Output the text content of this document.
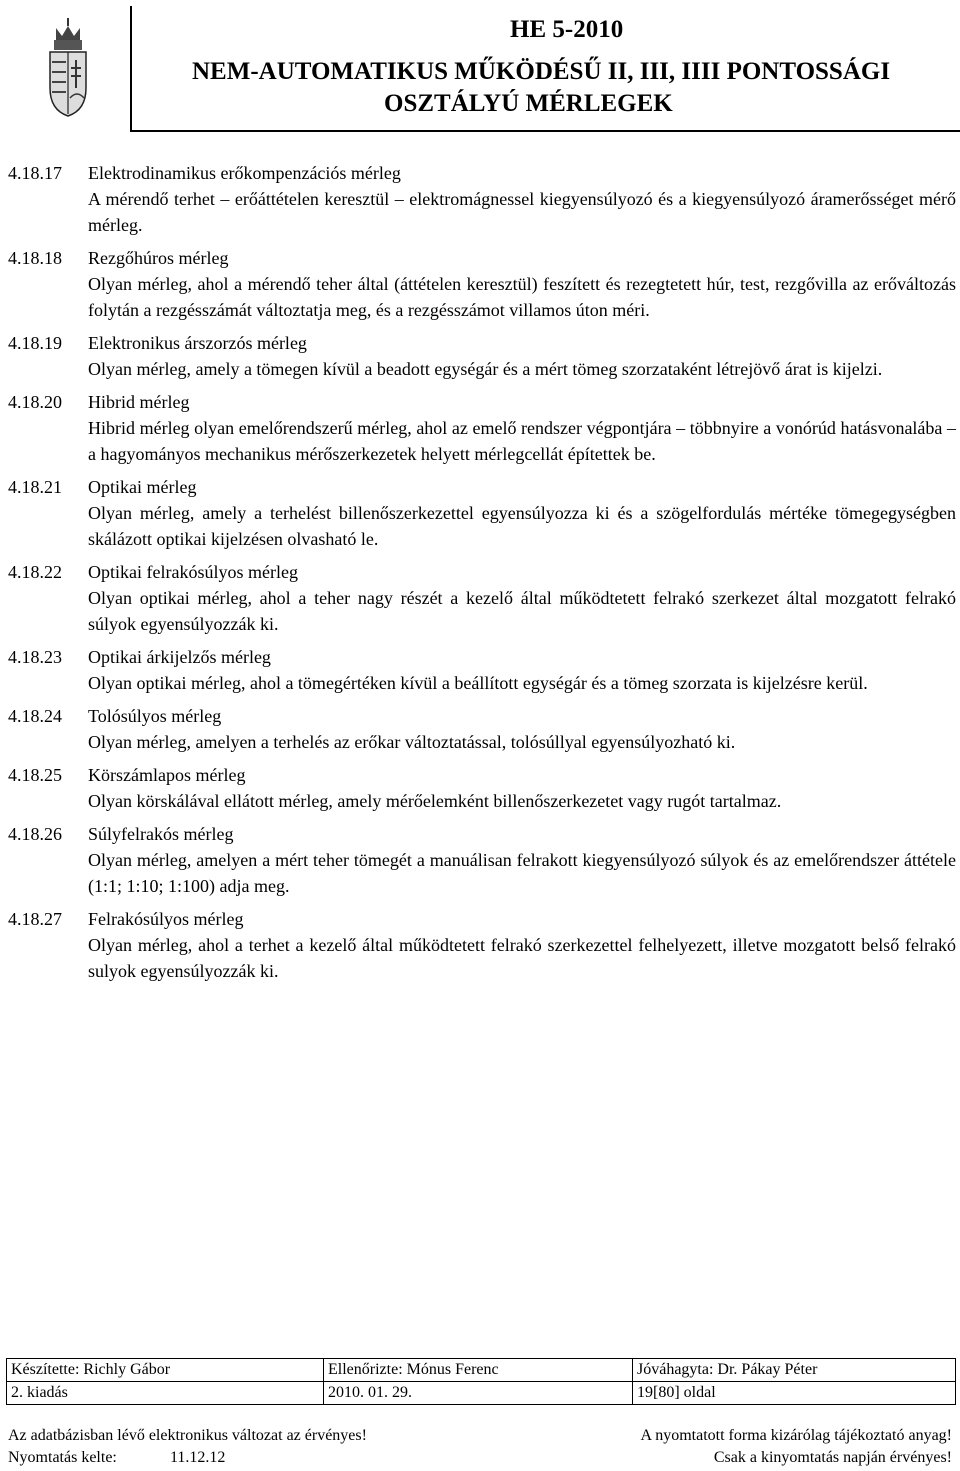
HE 5-2010
NEM-AUTOMATIKUS MŰKÖDÉSŰ II, III, IIII PONTOSSÁGI
OSZTÁLYÚ MÉRLEGEK
4.18.17 Elektrodinamikus erőkompenzációs mérleg
A mérendő terhet – erőáttételen keresztül – elektromágnessel kiegyensúlyozó és a kiegyensúlyozó áramerősséget mérő mérleg.
4.18.18 Rezgőhúros mérleg
Olyan mérleg, ahol a mérendő teher által (áttételen keresztül) feszített és rezegtetett húr, test, rezgővilla az erőváltozás folytán a rezgésszámát változtatja meg, és a rezgésszámot villamos úton méri.
4.18.19 Elektronikus árszorzós mérleg
Olyan mérleg, amely a tömegen kívül a beadott egységár és a mért tömeg szorzataként létrejövő árat is kijelzi.
4.18.20 Hibrid mérleg
Hibrid mérleg olyan emelőrendszerű mérleg, ahol az emelő rendszer végpontjára – többnyire a vonórúd hatásvonalába – a hagyományos mechanikus mérőszerkezetek helyett mérlegcellát építettek be.
4.18.21 Optikai mérleg
Olyan mérleg, amely a terhelést billenőszerkezettel egyensúlyozza ki és a szögelfordulás mértéke tömegegységben skálázott optikai kijelzésen olvasható le.
4.18.22 Optikai felrakósúlyos mérleg
Olyan optikai mérleg, ahol a teher nagy részét a kezelő által működtetett felrakó szerkezet által mozgatott felrakó súlyok egyensúlyozzák ki.
4.18.23 Optikai árkijelzős mérleg
Olyan optikai mérleg, ahol a tömegértéken kívül a beállított egységár és a tömeg szorzata is kijelzésre kerül.
4.18.24 Tolósúlyos mérleg
Olyan mérleg, amelyen a terhelés az erőkar változtatással, tolósúllyal egyensúlyozható ki.
4.18.25 Körszámlapos mérleg
Olyan körskálával ellátott mérleg, amely mérőelemként billenőszerkezetet vagy rugót tartalmaz.
4.18.26 Súlyfelrakós mérleg
Olyan mérleg, amelyen a mért teher tömegét a manuálisan felrakott kiegyensúlyozó súlyok és az emelőrendszer áttétele (1:1; 1:10; 1:100) adja meg.
4.18.27 Felrakósúlyos mérleg
Olyan mérleg, ahol a terhet a kezelő által működtetett felrakó szerkezettel felhelyezett, illetve mozgatott belső felrakó sulyok egyensúlyozzák ki.
Készítette: Richly Gábor	Ellenőrizte: Mónus Ferenc	Jóváhagyta: Dr. Pákay Péter
2. kiadás	2010. 01. 29.	19[80] oldal
Az adatbázisban lévő elektronikus változat az érvényes!	A nyomtatott forma kizárólag tájékoztató anyag!
Nyomtatás kelte:	11.12.12	Csak a kinyomtatás napján érvényes!
